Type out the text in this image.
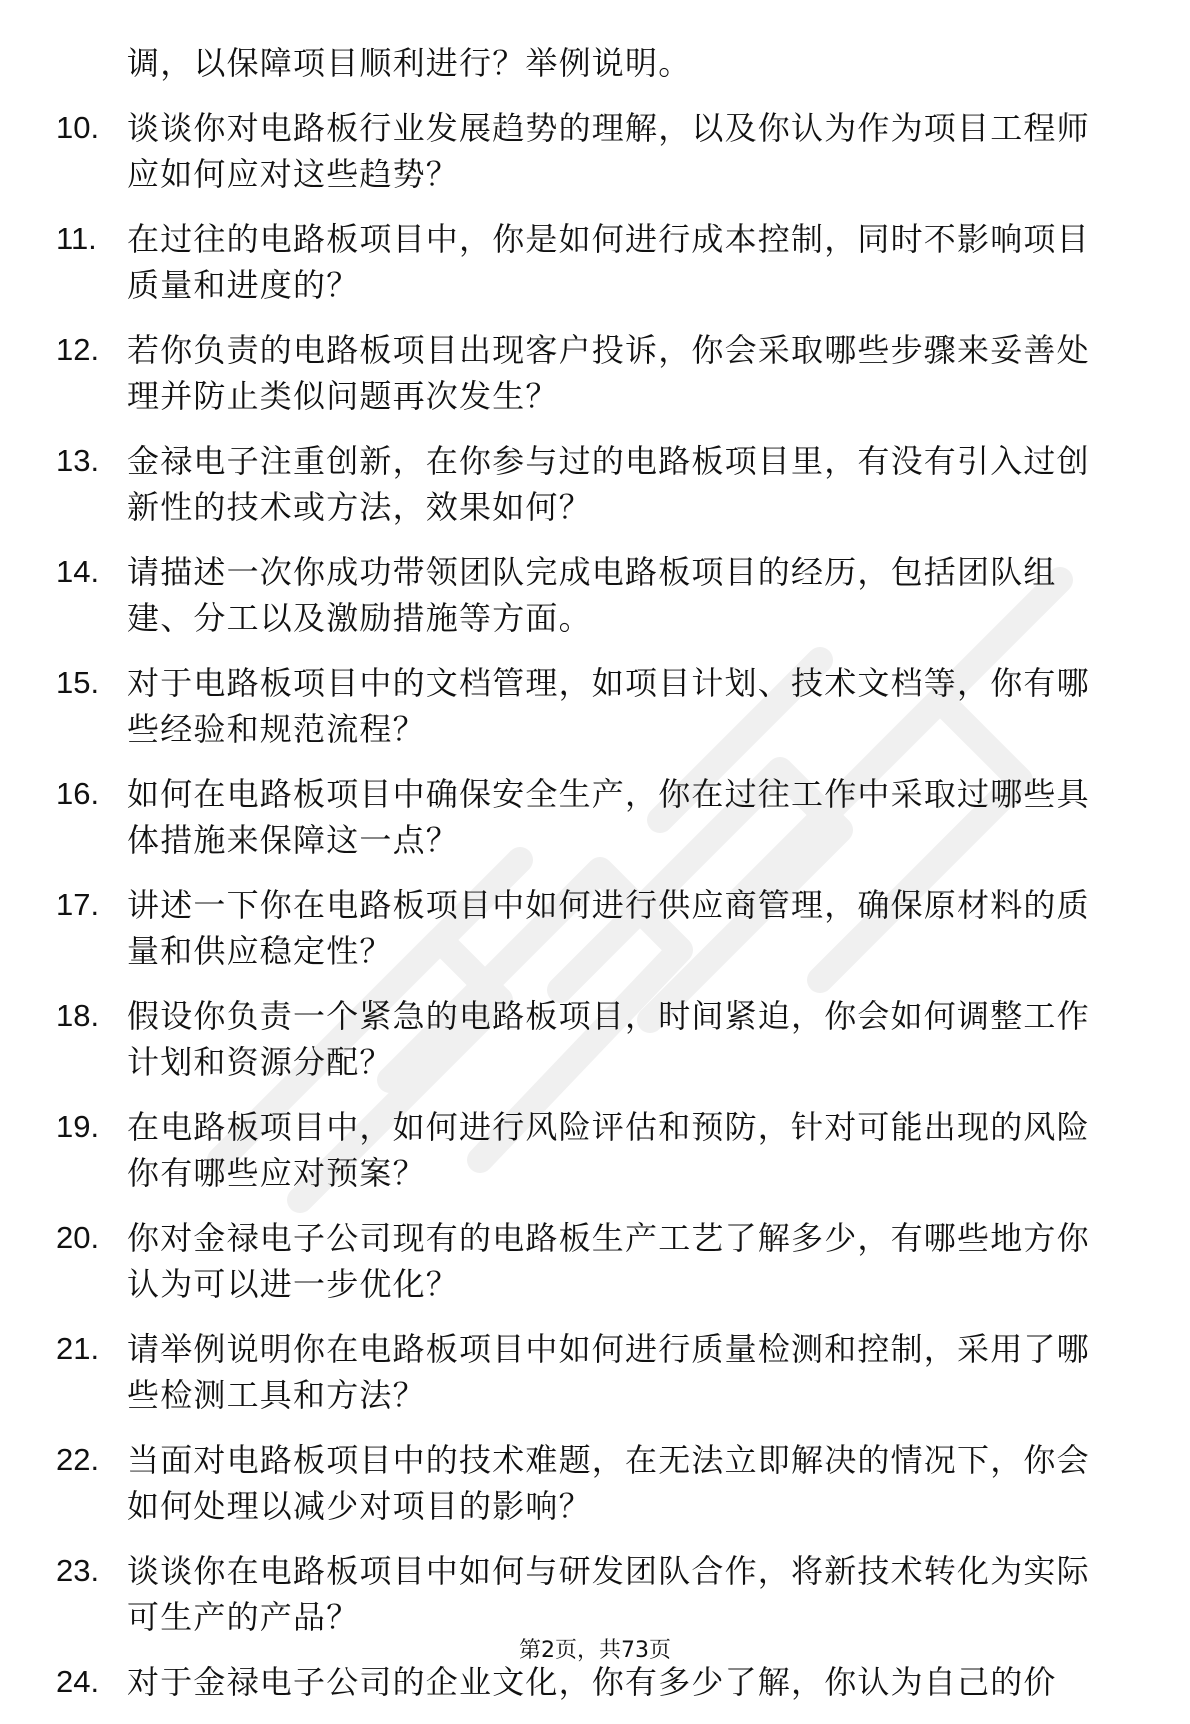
调，以保障项目顺利进行？举例说明。
10. 谈谈你对电路板行业发展趋势的理解，以及你认为作为项目工程师应如何应对这些趋势？
11. 在过往的电路板项目中，你是如何进行成本控制，同时不影响项目质量和进度的？
12. 若你负责的电路板项目出现客户投诉，你会采取哪些步骤来妥善处理并防止类似问题再次发生？
13. 金禄电子注重创新，在你参与过的电路板项目里，有没有引入过创新性的技术或方法，效果如何？
14. 请描述一次你成功带领团队完成电路板项目的经历，包括团队组建、分工以及激励措施等方面。
15. 对于电路板项目中的文档管理，如项目计划、技术文档等，你有哪些经验和规范流程？
16. 如何在电路板项目中确保安全生产，你在过往工作中采取过哪些具体措施来保障这一点？
17. 讲述一下你在电路板项目中如何进行供应商管理，确保原材料的质量和供应稳定性？
18. 假设你负责一个紧急的电路板项目，时间紧迫，你会如何调整工作计划和资源分配？
19. 在电路板项目中，如何进行风险评估和预防，针对可能出现的风险你有哪些应对预案？
20. 你对金禄电子公司现有的电路板生产工艺了解多少，有哪些地方你认为可以进一步优化？
21. 请举例说明你在电路板项目中如何进行质量检测和控制，采用了哪些检测工具和方法？
22. 当面对电路板项目中的技术难题，在无法立即解决的情况下，你会如何处理以减少对项目的影响？
23. 谈谈你在电路板项目中如何与研发团队合作，将新技术转化为实际可生产的产品？
24. 对于金禄电子公司的企业文化，你有多少了解，你认为自己的价
第2页，共73页
